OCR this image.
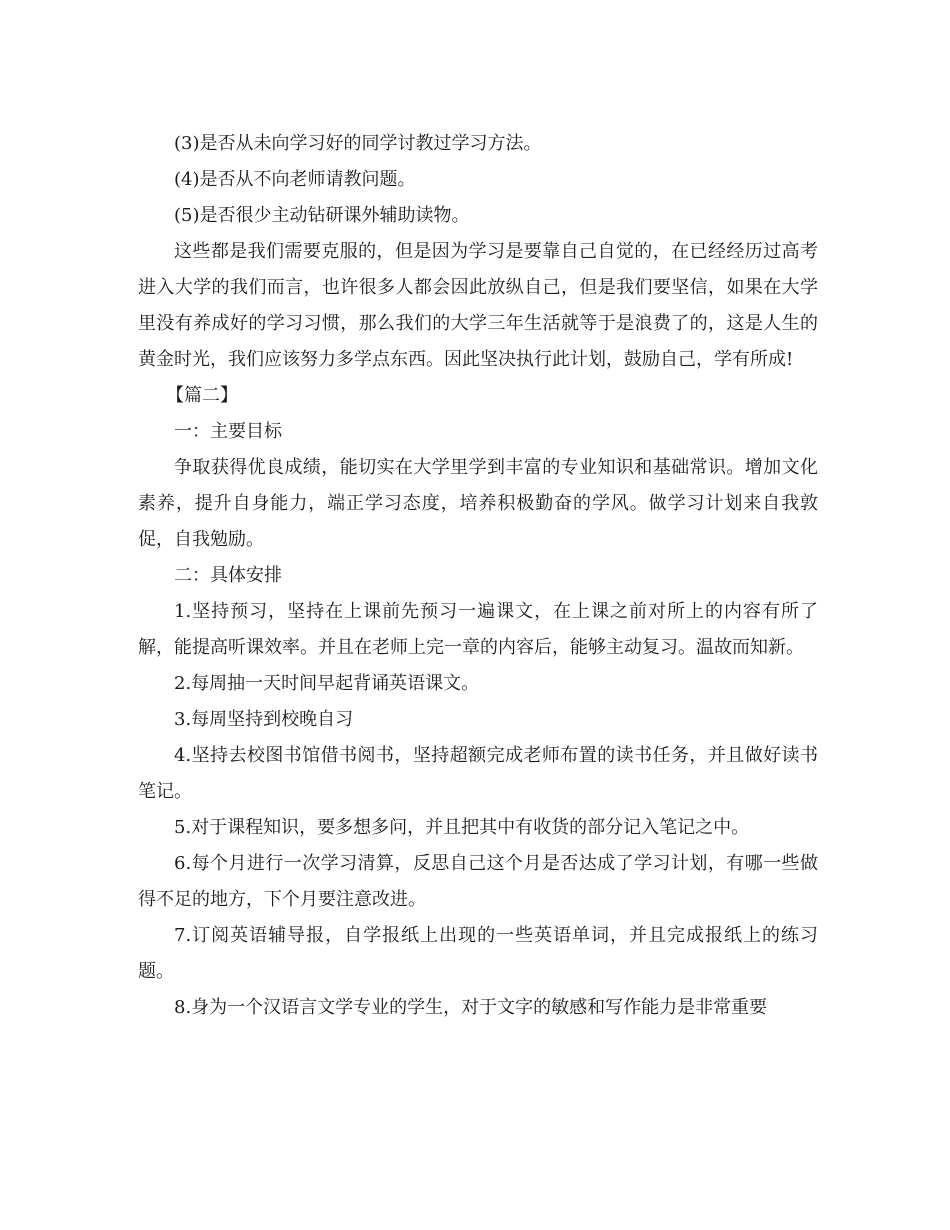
(3)是否从未向学习好的同学讨教过学习方法。

(4)是否从不向老师请教问题。

(5)是否很少主动钻研课外辅助读物。

这些都是我们需要克服的，但是因为学习是要靠自己自觉的，在已经经历过高考进入大学的我们而言，也许很多人都会因此放纵自己，但是我们要坚信，如果在大学里没有养成好的学习习惯，那么我们的大学三年生活就等于是浪费了的，这是人生的黄金时光，我们应该努力多学点东西。因此坚决执行此计划，鼓励自己，学有所成!

【篇二】

一：主要目标

争取获得优良成绩，能切实在大学里学到丰富的专业知识和基础常识。增加文化素养，提升自身能力，端正学习态度，培养积极勤奋的学风。做学习计划来自我敦促，自我勉励。

二：具体安排

1.坚持预习，坚持在上课前先预习一遍课文，在上课之前对所上的内容有所了解，能提高听课效率。并且在老师上完一章的内容后，能够主动复习。温故而知新。

2.每周抽一天时间早起背诵英语课文。

3.每周坚持到校晚自习

4.坚持去校图书馆借书阅书，坚持超额完成老师布置的读书任务，并且做好读书笔记。

5.对于课程知识，要多想多问，并且把其中有收货的部分记入笔记之中。

6.每个月进行一次学习清算，反思自己这个月是否达成了学习计划，有哪一些做得不足的地方，下个月要注意改进。

7.订阅英语辅导报，自学报纸上出现的一些英语单词，并且完成报纸上的练习题。

8.身为一个汉语言文学专业的学生，对于文字的敏感和写作能力是非常重要
